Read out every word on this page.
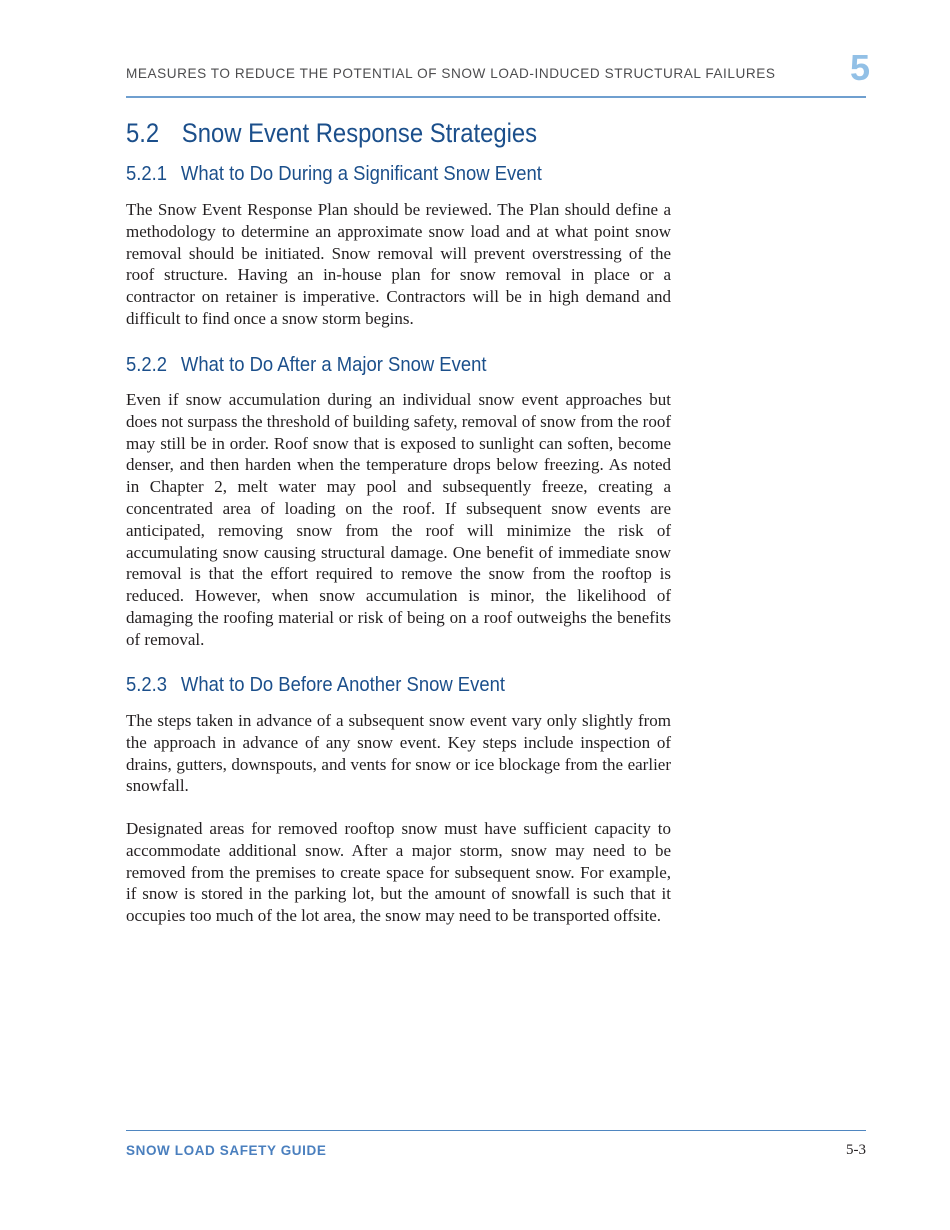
MEASURES TO REDUCE THE POTENTIAL OF SNOW LOAD-INDUCED STRUCTURAL FAILURES	5
5.2 Snow Event Response Strategies
5.2.1 What to Do During a Significant Snow Event

The Snow Event Response Plan should be reviewed. The Plan should define a methodology to determine an approximate snow load and at what point snow removal should be initiated. Snow removal will prevent overstressing of the roof structure. Having an in-house plan for snow removal in place or a contractor on retainer is imperative. Contractors will be in high demand and difficult to find once a snow storm begins.

5.2.2 What to Do After a Major Snow Event

Even if snow accumulation during an individual snow event approaches but does not surpass the threshold of building safety, removal of snow from the roof may still be in order. Roof snow that is exposed to sunlight can soften, become denser, and then harden when the temperature drops below freezing. As noted in Chapter 2, melt water may pool and subsequently freeze, creating a concentrated area of loading on the roof. If subsequent snow events are anticipated, removing snow from the roof will minimize the risk of accumulating snow causing structural damage. One benefit of immediate snow removal is that the effort required to remove the snow from the rooftop is reduced. However, when snow accumulation is minor, the likelihood of damaging the roofing material or risk of being on a roof outweighs the benefits of removal.

5.2.3 What to Do Before Another Snow Event

The steps taken in advance of a subsequent snow event vary only slightly from the approach in advance of any snow event. Key steps include inspection of drains, gutters, downspouts, and vents for snow or ice blockage from the earlier snowfall.

Designated areas for removed rooftop snow must have sufficient capacity to accommodate additional snow. After a major storm, snow may need to be removed from the premises to create space for subsequent snow. For example, if snow is stored in the parking lot, but the amount of snowfall is such that it occupies too much of the lot area, the snow may need to be transported offsite.

SNOW LOAD SAFETY GUIDE	5-3
